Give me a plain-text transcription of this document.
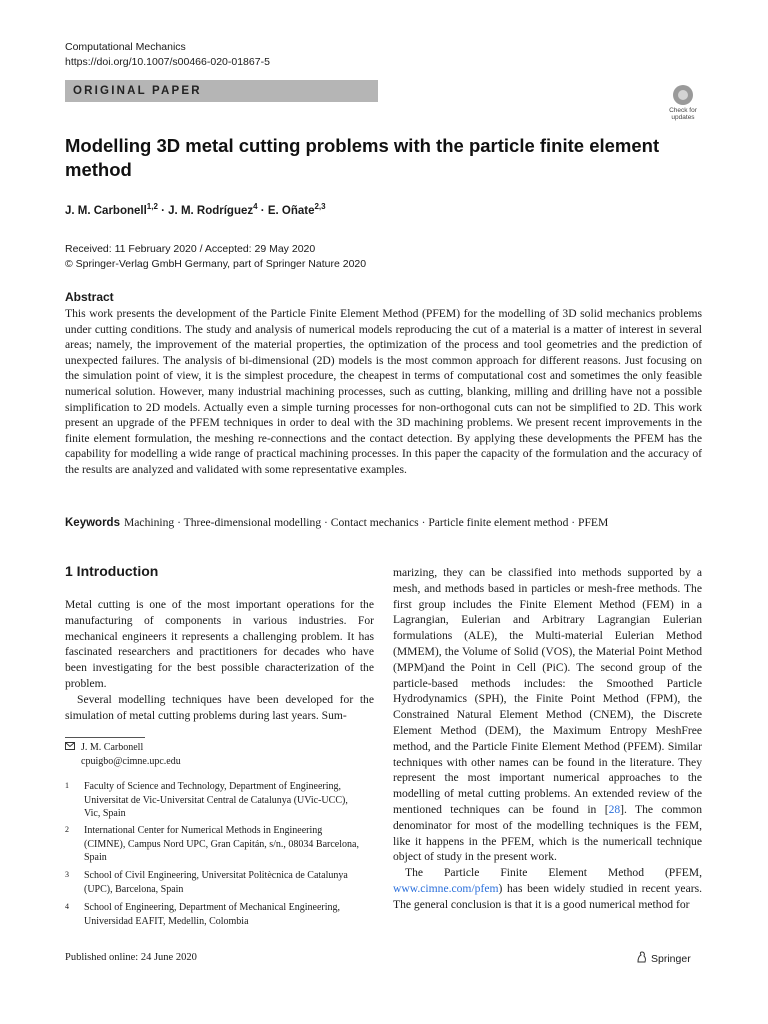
Computational Mechanics
https://doi.org/10.1007/s00466-020-01867-5
ORIGINAL PAPER
Check for
updates
Modelling 3D metal cutting problems with the particle finite element method
J. M. Carbonell$^{1,2}$ · J. M. Rodríguez$^4$ · E. Oñate$^{2,3}$
Received: 11 February 2020 / Accepted: 29 May 2020
© Springer-Verlag GmbH Germany, part of Springer Nature 2020
Abstract
This work presents the development of the Particle Finite Element Method (PFEM) for the modelling of 3D solid mechanics problems under cutting conditions. The study and analysis of numerical models reproducing the cut of a material is a matter of interest in several areas; namely, the improvement of the material properties, the optimization of the process and tool geometries and the prediction of unexpected failures. The analysis of bi-dimensional (2D) models is the most common approach for different reasons. Just focusing on the simulation point of view, it is the simplest procedure, the cheapest in terms of computational cost and sometimes the only feasible numerical solution. However, many industrial machining processes, such as cutting, blanking, milling and drilling have not a possible simplification to 2D models. Actually even a simple turning processes for non-orthogonal cuts can not be simplified to 2D. This work present an upgrade of the PFEM techniques in order to deal with the 3D machining problems. We present recent improvements in the finite element formulation, the meshing re-connections and the contact detection. By applying these developments the PFEM has the capability for modelling a wide range of practical machining processes. In this paper the capacity of the formulation and the accuracy of the results are analyzed and validated with some representative examples.
Keywords Machining · Three-dimensional modelling · Contact mechanics · Particle finite element method · PFEM
1 Introduction

Metal cutting is one of the most important operations for the manufacturing of components in various industries. For mechanical engineers it represents a challenging problem. It has fascinated researchers and practitioners for decades who have been investigating for the best possible characterization of the problem.

Several modelling techniques have been developed for the simulation of metal cutting problems during last years. Sum-

marizing, they can be classified into methods supported by a mesh, and methods based in particles or mesh-free methods. The first group includes the Finite Element Method (FEM) in a Lagrangian, Eulerian and Arbitrary Lagrangian Eulerian formulations (ALE), the Multi-material Eulerian Method (MMEM), the Volume of Solid (VOS), the Material Point Method (MPM)and the Point in Cell (PiC). The second group of the particle-based methods includes: the Smoothed Particle Hydrodynamics (SPH), the Finite Point Method (FPM), the Constrained Natural Element Method (CNEM), the Discrete Element Method (DEM), the Maximum Entropy MeshFree method, and the Particle Finite Element Method (PFEM). Similar techniques with other names can be found in the literature. They represent the most important numerical approaches to the modelling of metal cutting problems. An extended review of the mentioned techniques can be found in [28]. The common denominator for most of the modelling techniques is the FEM, like it happens in the PFEM, which is the numericall technique object of study in the present work.

The Particle Finite Element Method (PFEM, www.cimne.com/pfem) has been widely studied in recent years. The general conclusion is that it is a good numerical method for

J. M. Carbonell
cpuigbo@cimne.upc.edu
1 Faculty of Science and Technology, Department of Engineering, Universitat de Vic-Universitat Central de Catalunya (UVic-UCC), Vic, Spain
2 International Center for Numerical Methods in Engineering (CIMNE), Campus Nord UPC, Gran Capitán, s/n., 08034 Barcelona, Spain
3 School of Civil Engineering, Universitat Politècnica de Catalunya (UPC), Barcelona, Spain
4 School of Engineering, Department of Mechanical Engineering, Universidad EAFIT, Medellin, Colombia
Published online: 24 June 2020	Springer
